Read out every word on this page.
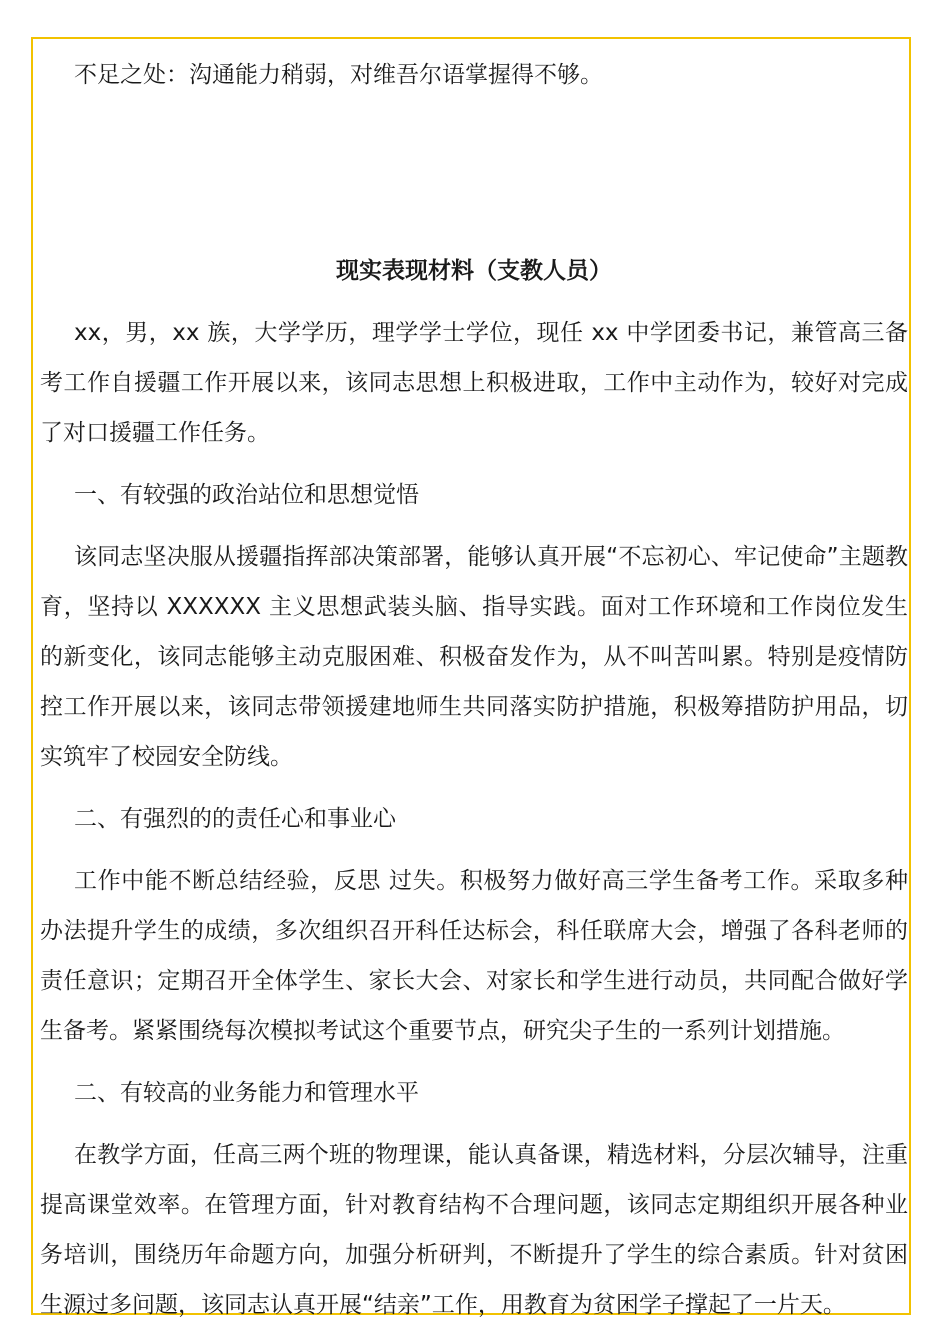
不足之处：沟通能力稍弱，对维吾尔语掌握得不够。

现实表现材料（支教人员）

xx，男，xx 族，大学学历，理学学士学位，现任 xx 中学团委书记，兼管高三备考工作自援疆工作开展以来，该同志思想上积极进取，工作中主动作为，较好对完成了对口援疆工作任务。

一、有较强的政治站位和思想觉悟

该同志坚决服从援疆指挥部决策部署，能够认真开展“不忘初心、牢记使命”主题教育，坚持以 XXXXXX 主义思想武装头脑、指导实践。面对工作环境和工作岗位发生的新变化，该同志能够主动克服困难、积极奋发作为，从不叫苦叫累。特别是疫情防控工作开展以来，该同志带领援建地师生共同落实防护措施，积极筹措防护用品，切实筑牢了校园安全防线。

二、有强烈的的责任心和事业心

工作中能不断总结经验，反思 过失。积极努力做好高三学生备考工作。采取多种办法提升学生的成绩，多次组织召开科任达标会，科任联席大会，增强了各科老师的责任意识；定期召开全体学生、家长大会、对家长和学生进行动员，共同配合做好学 生备考。紧紧围绕每次模拟考试这个重要节点，研究尖子生的一系列计划措施。

二、有较高的业务能力和管理水平

在教学方面，任高三两个班的物理课，能认真备课，精选材料，分层次辅导，注重提高课堂效率。在管理方面，针对教育结构不合理问题，该同志定期组织开展各种业务培训，围绕历年命题方向，加强分析研判，不断提升了学生的综合素质。针对贫困生源过多问题，该同志认真开展“结亲”工作，用教育为贫困学子撑起了一片天。
